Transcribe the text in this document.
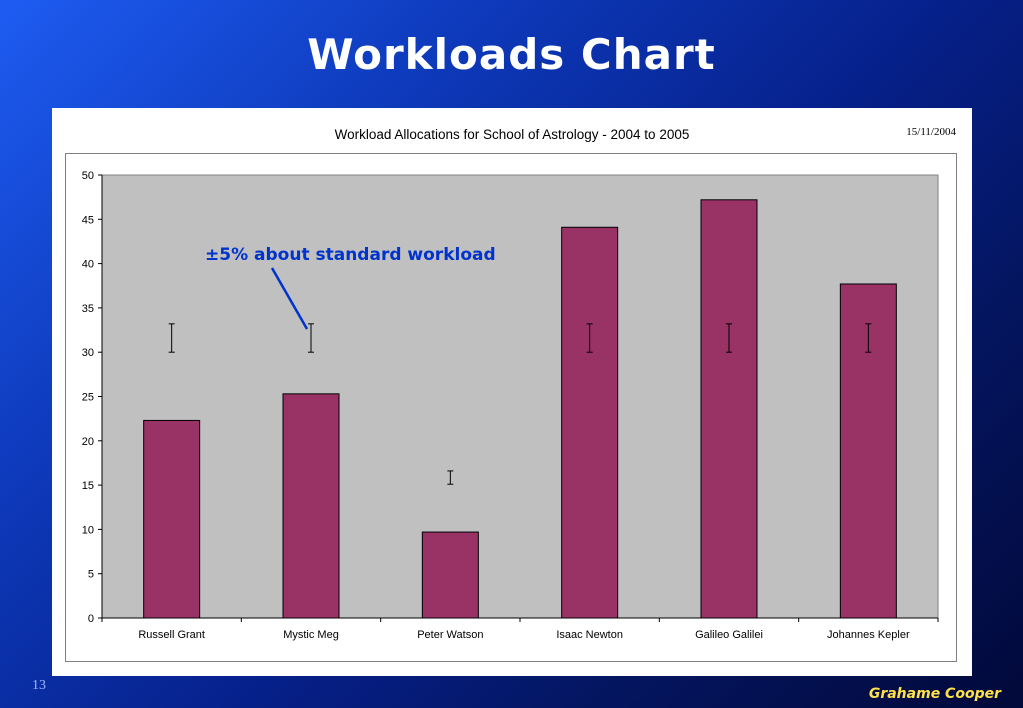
Workloads Chart
Workload Allocations for School of Astrology - 2004 to 2005	15/11/2004
0
5
10
15
20
25
30
35
40
45
50
Russell Grant	Mystic Meg	Peter Watson	Isaac Newton	Galileo Galilei	Johannes Kepler
±5% about standard workload
13
Grahame Cooper
